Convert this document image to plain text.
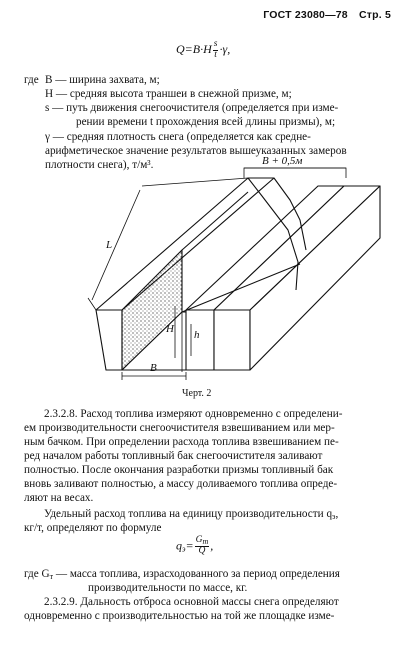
ГОСТ 23080—78 Стр. 5
$Q=B\cdot H \frac{s}{t} \cdot\gamma$,
где B — ширина захвата, м;
H — средняя высота траншеи в снежной призме, м;
s — путь движения снегоочистителя (определяется при изме-
рении времени t прохождения всей длины призмы), м;
γ — средняя плотность снега (определяется как средне-
арифметическое значение результатов вышеуказанных замеров
плотности снега), т/м³.	B + 0,5м
L
H h
B
Черт. 2
2.3.2.8. Расход топлива измеряют одновременно с определени-
ем производительности снегоочистителя взвешиванием или мер-
ным бачком. При определении расхода топлива взвешиванием пе-
ред началом работы топливный бак снегоочистителя заливают
полностью. После окончания разработки призмы топливный бак
вновь заливают полностью, а массу доливаемого топлива опреде-
ляют на весах.
Удельный расход топлива на единицу производительности $q_э$,
кг/т, определяют по формуле
$q_э= \frac{G_т}{Q}$ ,
где $G_т$ — масса топлива, израсходованного за период определения
производительности по массе, кг.
2.3.2.9. Дальность отброса основной массы снега определяют
одновременно с производительностью на той же площадке изме-
